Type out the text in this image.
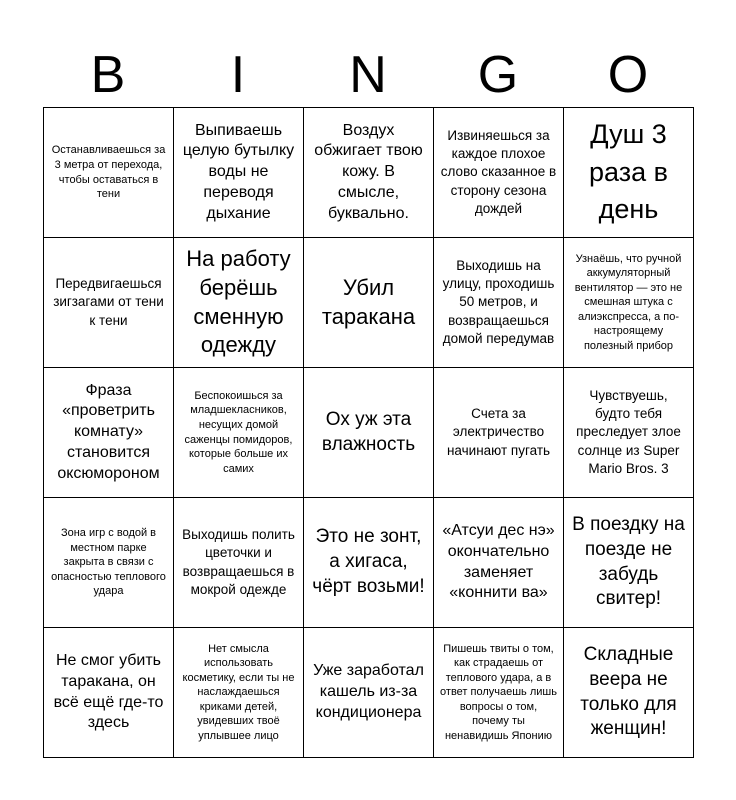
B	I	N	G	O
Останавливаешься за 3 метра от перехода, чтобы оставаться в тени
Выпиваешь целую бутылку воды не переводя дыхание
Воздух обжигает твою кожу. В смысле, буквально.
Извиняешься за каждое плохое слово сказанное в сторону сезона дождей
Душ 3 раза в день
Передвигаешься зигзагами от тени к тени
На работу берёшь сменную одежду
Убил таракана
Выходишь на улицу, проходишь 50 метров, и возвращаешься домой передумав
Узнаёшь, что ручной аккумуляторный вентилятор — это не смешная штука с алиэкспресса, а по-настроящему полезный прибор
Фраза «проветрить комнату» становится оксюмороном
Беспокоишься за младшекласников, несущих домой саженцы помидоров, которые больше их самих
Ох уж эта влажность
Счета за электричество начинают пугать
Чувствуешь, будто тебя преследует злое солнце из Super Mario Bros. 3
Зона игр с водой в местном парке закрыта в связи с опасностью теплового удара
Выходишь полить цветочки и возвращаешься в мокрой одежде
Это не зонт, а хигаса, чёрт возьми!
«Атсуи дес нэ» окончательно заменяет «коннити ва»
В поездку на поезде не забудь свитер!
Не смог убить таракана, он всё ещё где-то здесь
Нет смысла использовать косметику, если ты не наслаждаешься криками детей, увидевших твоё уплывшее лицо
Уже заработал кашель из-за кондиционера
Пишешь твиты о том, как страдаешь от теплового удара, а в ответ получаешь лишь вопросы о том, почему ты ненавидишь Японию
Складные веера не только для женщин!
